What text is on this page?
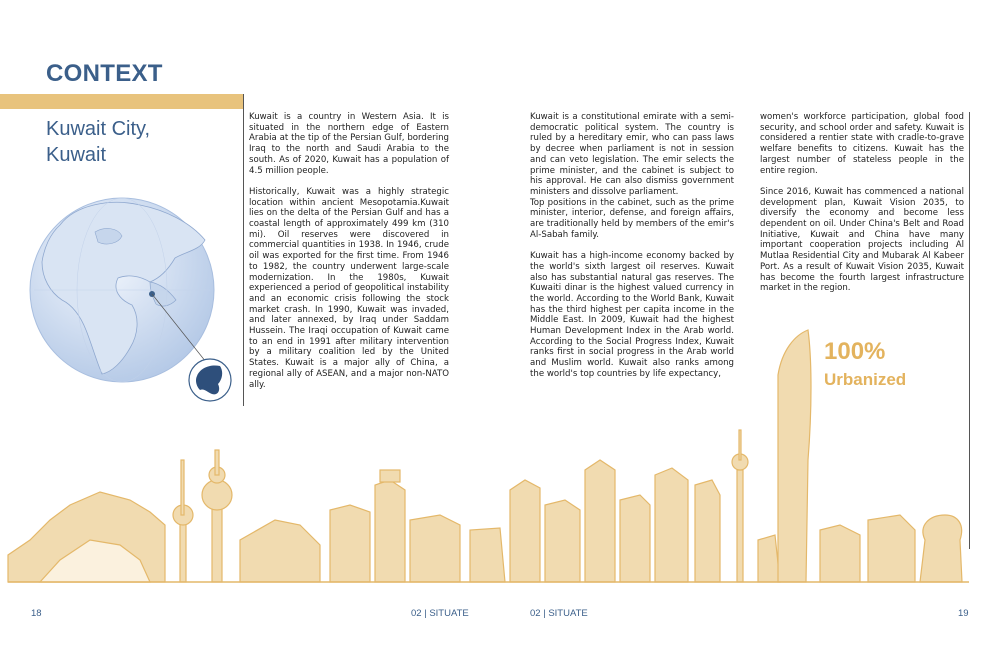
CONTEXT
Kuwait City,
Kuwait

Kuwait is a country in Western Asia. It is situated in the northern edge of Eastern Arabia at the tip of the Persian Gulf, bordering Iraq to the north and Saudi Arabia to the south. As of 2020, Kuwait has a population of 4.5 million people.

Historically, Kuwait was a highly strategic location within ancient Mesopotamia.Kuwait lies on the delta of the Persian Gulf and has a coastal length of approximately 499 km (310 mi). Oil reserves were discovered in commercial quantities in 1938. In 1946, crude oil was exported for the first time. From 1946 to 1982, the country underwent large-scale modernization. In the 1980s, Kuwait experienced a period of geopolitical instability and an economic crisis following the stock market crash. In 1990, Kuwait was invaded, and later annexed, by Iraq under Saddam Hussein. The Iraqi occupation of Kuwait came to an end in 1991 after military intervention by a military coalition led by the United States. Kuwait is a major ally of China, a regional ally of ASEAN, and a major non-NATO ally.

Kuwait is a constitutional emirate with a semi-democratic political system. The country is ruled by a hereditary emir, who can pass laws by decree when parliament is not in session and can veto legislation. The emir selects the prime minister, and the cabinet is subject to his approval. He can also dismiss government ministers and dissolve parliament.

Top positions in the cabinet, such as the prime minister, interior, defense, and foreign affairs, are traditionally held by members of the emir's Al-Sabah family.

Kuwait has a high-income economy backed by the world's sixth largest oil reserves. Kuwait also has substantial natural gas reserves. The Kuwaiti dinar is the highest valued currency in the world. According to the World Bank, Kuwait has the third highest per capita income in the Middle East. In 2009, Kuwait had the highest Human Development Index in the Arab world. According to the Social Progress Index, Kuwait ranks first in social progress in the Arab world and Muslim world. Kuwait also ranks among the world's top countries by life expectancy,

women's workforce participation, global food security, and school order and safety. Kuwait is considered a rentier state with cradle-to-grave welfare benefits to citizens. Kuwait has the largest number of stateless people in the entire region.

Since 2016, Kuwait has commenced a national development plan, Kuwait Vision 2035, to diversify the economy and become less dependent on oil. Under China's Belt and Road Initiative, Kuwait and China have many important cooperation projects including Al Mutlaa Residential City and Mubarak Al Kabeer Port. As a result of Kuwait Vision 2035, Kuwait has become the fourth largest infrastructure market in the region.

100%
Urbanized
18	02 | SITUATE	02 | SITUATE	19
